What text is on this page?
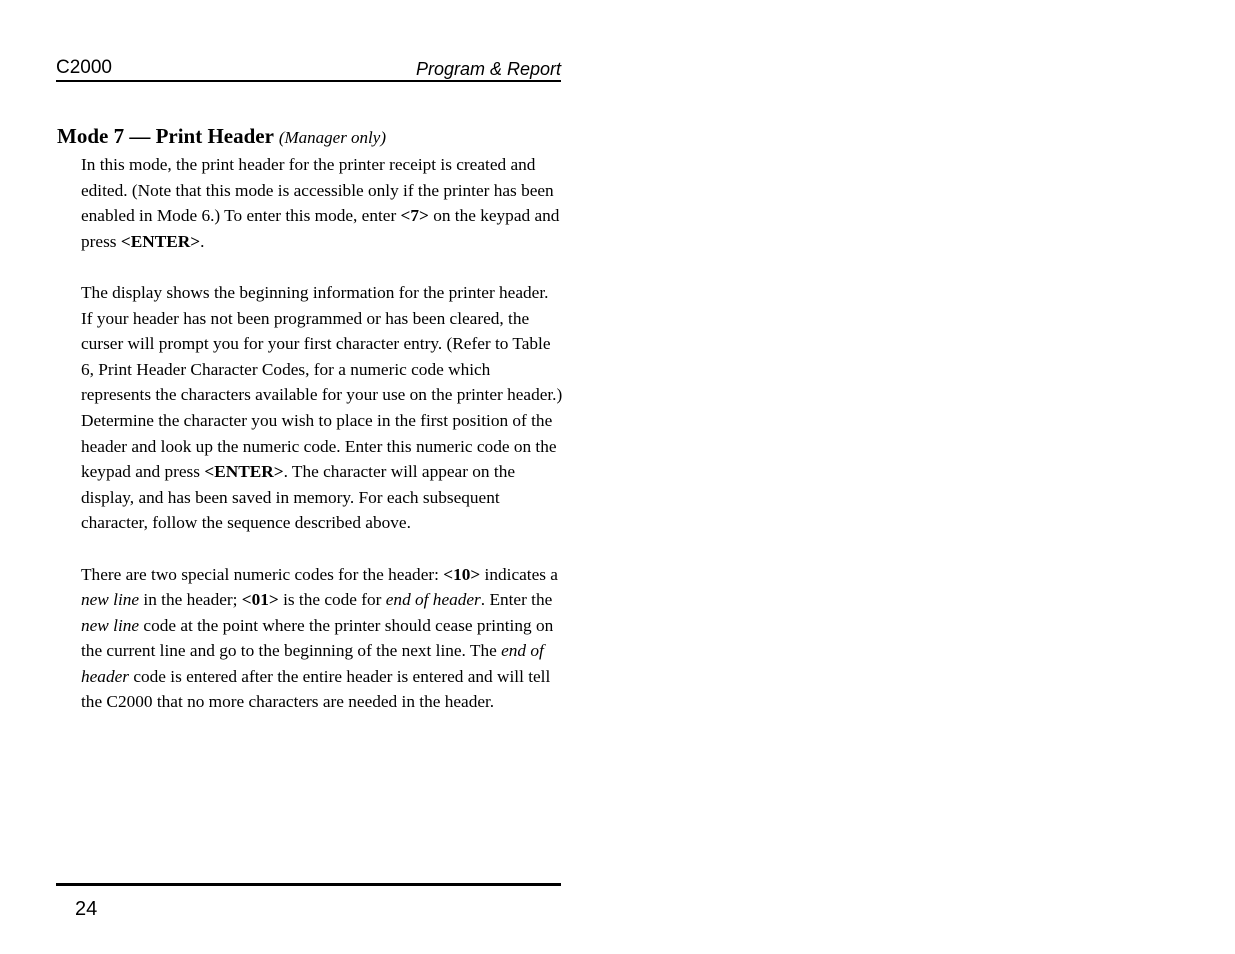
C2000	Program & Report
Mode 7 — Print Header (Manager only)

In this mode, the print header for the printer receipt is created and edited. (Note that this mode is accessible only if the printer has been enabled in Mode 6.) To enter this mode, enter <7> on the keypad and press <ENTER>.

The display shows the beginning information for the printer header. If your header has not been programmed or has been cleared, the curser will prompt you for your first character entry. (Refer to Table 6, Print Header Character Codes, for a numeric code which represents the characters available for your use on the printer header.) Determine the character you wish to place in the first position of the header and look up the numeric code. Enter this numeric code on the keypad and press <ENTER>. The character will appear on the display, and has been saved in memory. For each subsequent character, follow the sequence described above.

There are two special numeric codes for the header: <10> indicates a new line in the header; <01> is the code for end of header. Enter the new line code at the point where the printer should cease printing on the current line and go to the beginning of the next line. The end of header code is entered after the entire header is entered and will tell the C2000 that no more characters are needed in the header.

24
